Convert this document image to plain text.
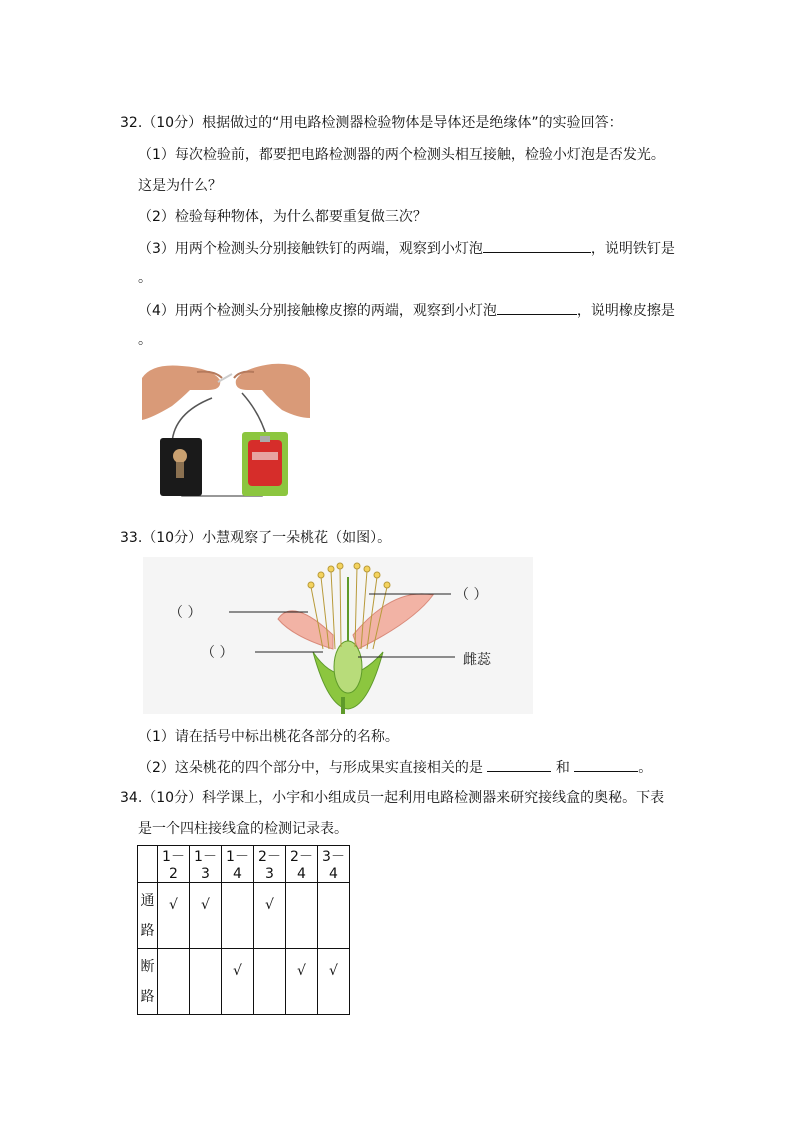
32.（10分）根据做过的“用电路检测器检验物体是导体还是绝缘体”的实验回答：
（1）每次检验前，都要把电路检测器的两个检测头相互接触，检验小灯泡是否发光。
这是为什么？
（2）检验每种物体，为什么都要重复做三次？
（3）用两个检测头分别接触铁钉的两端，观察到小灯泡	，说明铁钉是
。
（4）用两个检测头分别接触橡皮擦的两端，观察到小灯泡	，说明橡皮擦是
。
33.（10分）小慧观察了一朵桃花（如图）。
（ ）
（ ）
（ ）	雌蕊
（1）请在括号中标出桃花各部分的名称。
（2）这朵桃花的四个部分中，与形成果实直接相关的是	和	。
34.（10分）科学课上，小宇和小组成员一起利用电路检测器来研究接线盒的奥秘。下表
是一个四柱接线盒的检测记录表。
	1－2	1－3	1－4	2－3	2－4	3－4

通
路	√	√		√		

断
路			√		√	√
